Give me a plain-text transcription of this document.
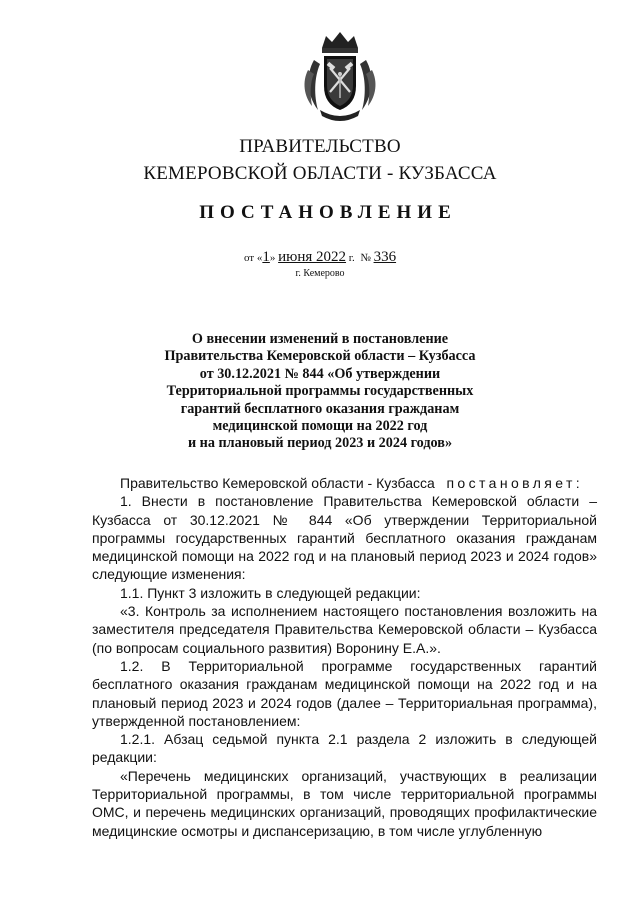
ПРАВИТЕЛЬСТВО
КЕМЕРОВСКОЙ ОБЛАСТИ - КУЗБАССА
ПОСТАНОВЛЕНИЕ
от «1» июня 2022 г. № 336
г. Кемерово
О внесении изменений в постановление
Правительства Кемеровской области – Кузбасса
от 30.12.2021 № 844 «Об утверждении
Территориальной программы государственных
гарантий бесплатного оказания гражданам
медицинской помощи на 2022 год
и на плановый период 2023 и 2024 годов»

Правительство Кемеровской области - Кузбасса постановляет:

1. Внести в постановление Правительства Кемеровской области – Кузбасса от 30.12.2021 № 844 «Об утверждении Территориальной программы государственных гарантий бесплатного оказания гражданам медицинской помощи на 2022 год и на плановый период 2023 и 2024 годов» следующие изменения:

1.1. Пункт 3 изложить в следующей редакции:

«3. Контроль за исполнением настоящего постановления возложить на заместителя председателя Правительства Кемеровской области – Кузбасса (по вопросам социального развития) Воронину Е.А.».

1.2. В Территориальной программе государственных гарантий бесплатного оказания гражданам медицинской помощи на 2022 год и на плановый период 2023 и 2024 годов (далее – Территориальная программа), утвержденной постановлением:

1.2.1. Абзац седьмой пункта 2.1 раздела 2 изложить в следующей редакции:

«Перечень медицинских организаций, участвующих в реализации Территориальной программы, в том числе территориальной программы ОМС, и перечень медицинских организаций, проводящих профилактические медицинские осмотры и диспансеризацию, в том числе углубленную
